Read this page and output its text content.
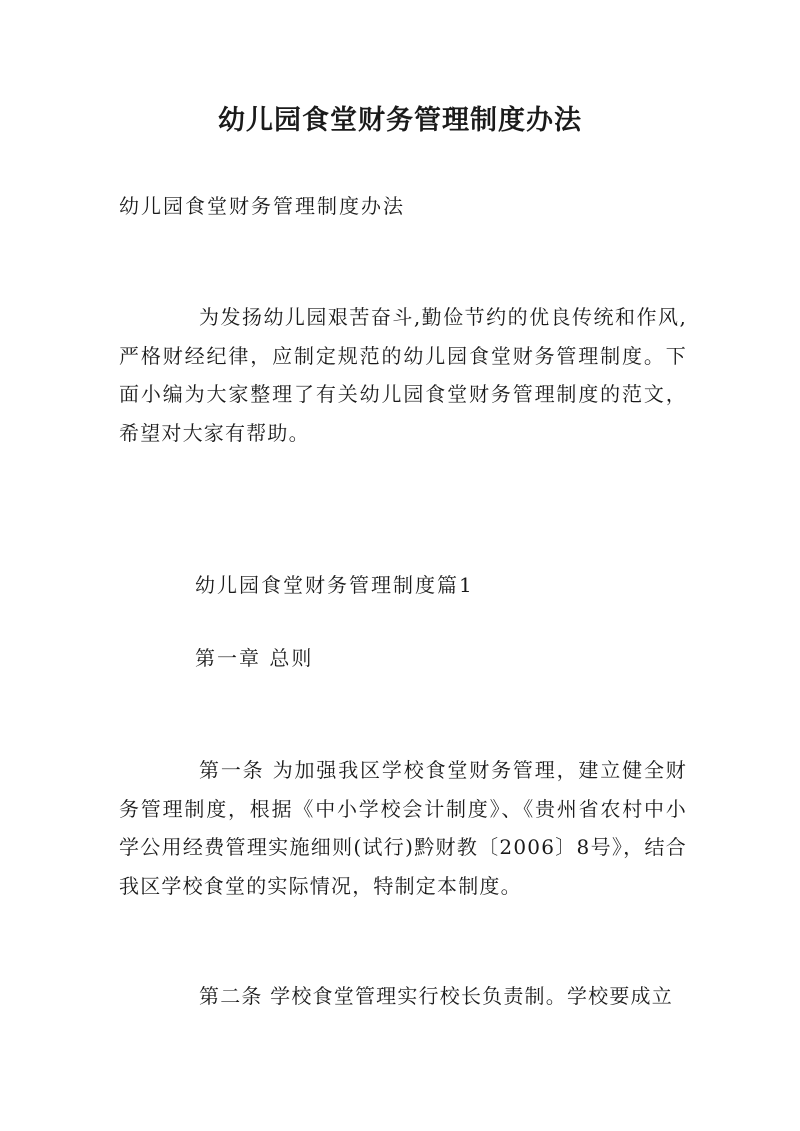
幼儿园食堂财务管理制度办法

幼儿园食堂财务管理制度办法

为发扬幼儿园艰苦奋斗,勤俭节约的优良传统和作风,严格财经纪律，应制定规范的幼儿园食堂财务管理制度。下面小编为大家整理了有关幼儿园食堂财务管理制度的范文，希望对大家有帮助。

幼儿园食堂财务管理制度篇1

第一章 总则

第一条 为加强我区学校食堂财务管理，建立健全财务管理制度，根据《中小学校会计制度》、《贵州省农村中小学公用经费管理实施细则(试行)黔财教〔2006〕8号》，结合我区学校食堂的实际情况，特制定本制度。

第二条 学校食堂管理实行校长负责制。学校要成立
